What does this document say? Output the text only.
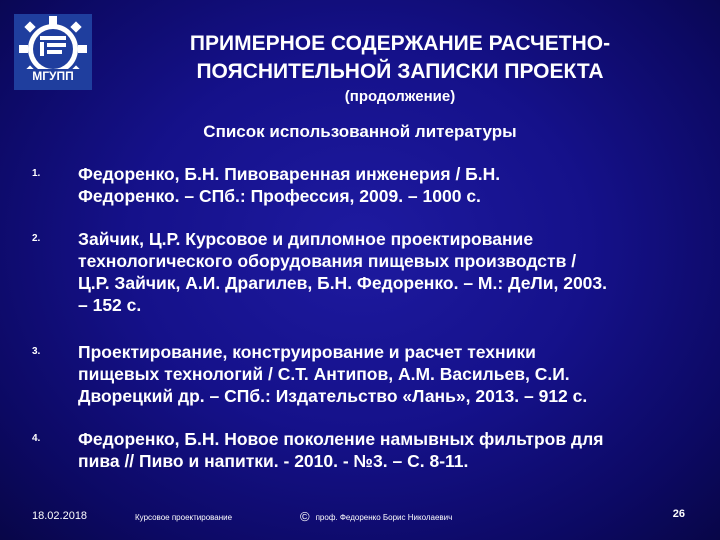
МГУПП
ПРИМЕРНОЕ СОДЕРЖАНИЕ РАСЧЕТНО-
ПОЯСНИТЕЛЬНОЙ ЗАПИСКИ ПРОЕКТА
(продолжение)
Список использованной литературы
1. Федоренко, Б.Н. Пивоваренная инженерия / Б.Н.
Федоренко. – СПб.: Профессия, 2009. – 1000 с.
2. Зайчик, Ц.Р. Курсовое и дипломное проектирование
технологического оборудования пищевых производств /
Ц.Р. Зайчик, А.И. Драгилев, Б.Н. Федоренко. – М.: ДеЛи, 2003.
– 152 с.
3. Проектирование, конструирование и расчет техники
пищевых технологий / С.Т. Антипов, А.М. Васильев, С.И.
Дворецкий др. – СПб.: Издательство «Лань», 2013. – 912 с.
4. Федоренко, Б.Н. Новое поколение намывных фильтров для
пива // Пиво и напитки. - 2010. - №3. – С. 8-11.
18.02.2018	Курсовое проектирование	© проф. Федоренко Борис Николаевич	26
